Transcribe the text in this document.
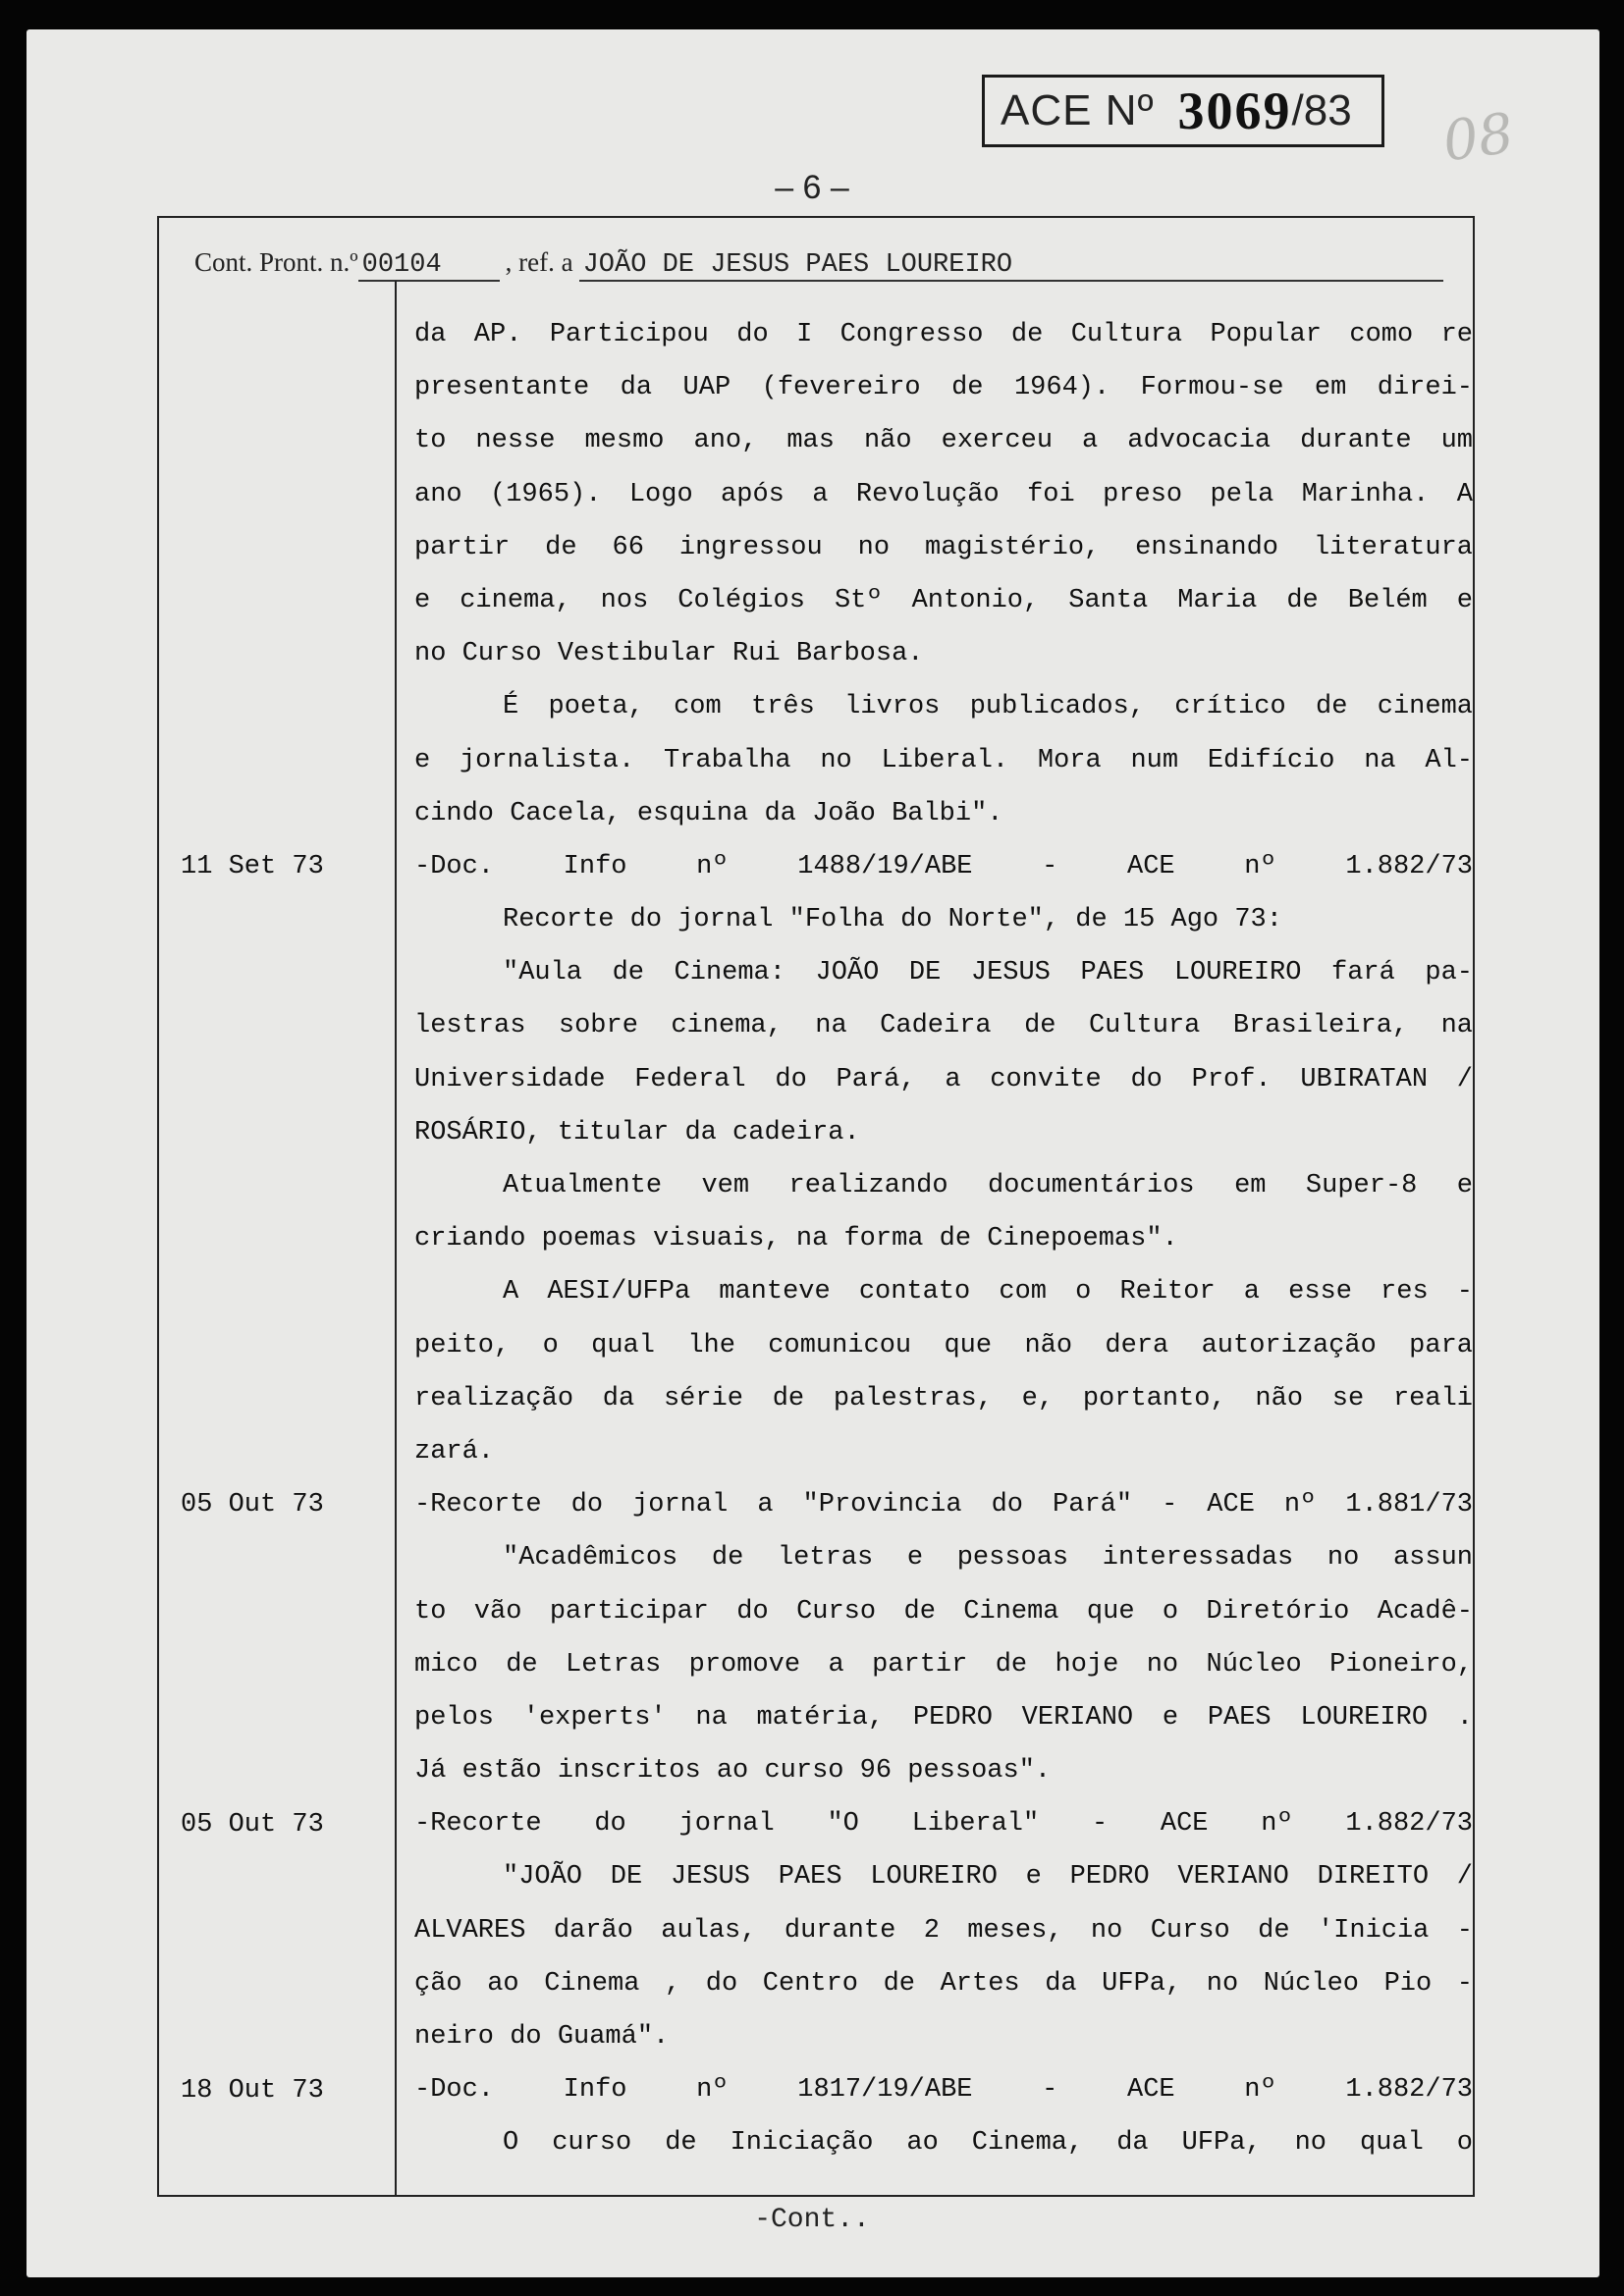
ACE Nº 3069 /83 08
– 6 –
Cont. Pront. n.º 00104	, ref. a JOÃO DE JESUS PAES LOUREIRO
11 Set 73
05 Out 73
05 Out 73
18 Out 73
da AP. Participou do I Congresso de Cultura Popular como re
presentante da UAP (fevereiro de 1964). Formou-se em direi-
to nesse mesmo ano, mas não exerceu a advocacia durante um
ano (1965). Logo após a Revolução foi preso pela Marinha. A
partir de 66 ingressou no magistério, ensinando literatura
e cinema, nos Colégios Stº Antonio, Santa Maria de Belém e
no Curso Vestibular Rui Barbosa.
É poeta, com três livros publicados, crítico de cinema
e jornalista. Trabalha no Liberal. Mora num Edifício na Al-
cindo Cacela, esquina da João Balbi".
-Doc. Info nº 1488/19/ABE - ACE nº 1.882/73
Recorte do jornal "Folha do Norte", de 15 Ago 73:
"Aula de Cinema: JOÃO DE JESUS PAES LOUREIRO fará pa-
lestras sobre cinema, na Cadeira de Cultura Brasileira, na
Universidade Federal do Pará, a convite do Prof. UBIRATAN /
ROSÁRIO, titular da cadeira.
Atualmente vem realizando documentários em Super-8 e
criando poemas visuais, na forma de Cinepoemas".
A AESI/UFPa manteve contato com o Reitor a esse res -
peito, o qual lhe comunicou que não dera autorização para
realização da série de palestras, e, portanto, não se reali
zará.
-Recorte do jornal a "Provincia do Pará" - ACE nº 1.881/73
"Acadêmicos de letras e pessoas interessadas no assun
to vão participar do Curso de Cinema que o Diretório Acadê-
mico de Letras promove a partir de hoje no Núcleo Pioneiro,
pelos 'experts' na matéria, PEDRO VERIANO e PAES LOUREIRO .
Já estão inscritos ao curso 96 pessoas".
-Recorte do jornal "O Liberal" - ACE nº 1.882/73
"JOÃO DE JESUS PAES LOUREIRO e PEDRO VERIANO DIREITO /
ALVARES darão aulas, durante 2 meses, no Curso de 'Inicia -
ção ao Cinema , do Centro de Artes da UFPa, no Núcleo Pio -
neiro do Guamá".
-Doc. Info nº 1817/19/ABE - ACE nº 1.882/73
O curso de Iniciação ao Cinema, da UFPa, no qual o
-Cont..
